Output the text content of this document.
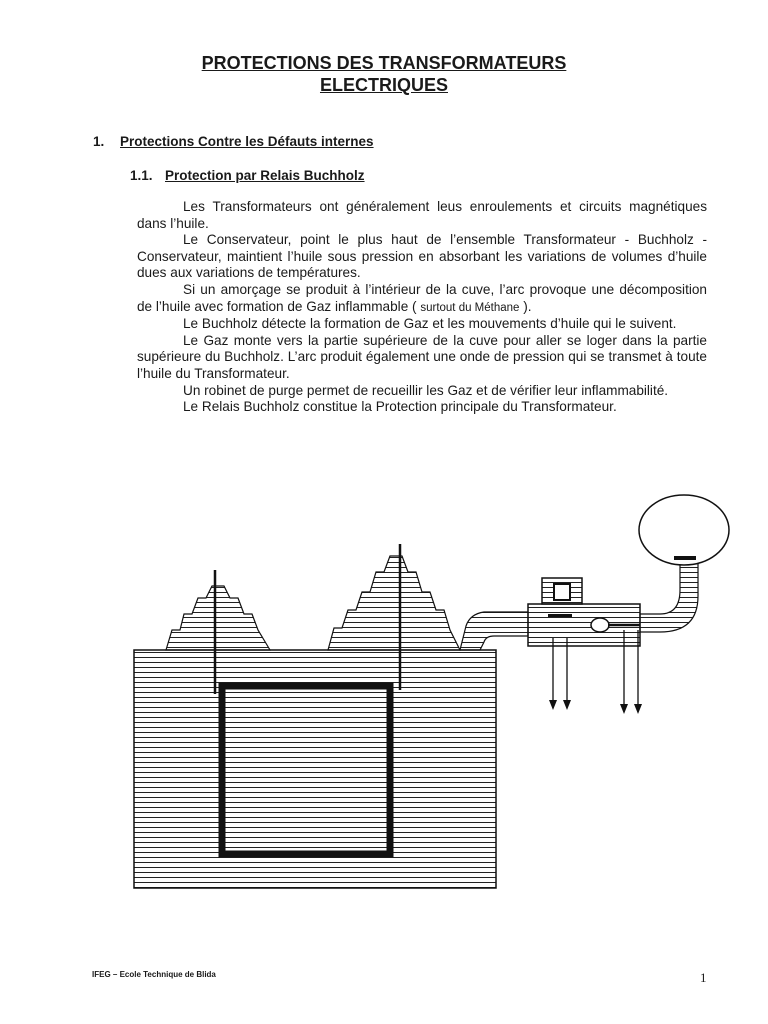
PROTECTIONS DES TRANSFORMATEURS
ELECTRIQUES
1. Protections Contre les Défauts internes
1.1. Protection par Relais Buchholz

Les Transformateurs ont généralement leus enroulements et circuits magnétiques dans l’huile.

Le Conservateur, point le plus haut de l’ensemble Transformateur - Buchholz - Conservateur, maintient l’huile sous pression en absorbant les variations de volumes d’huile dues aux variations de températures.

Si un amorçage se produit à l’intérieur de la cuve, l’arc provoque une décomposition de l’huile avec formation de Gaz inflammable ( surtout du Méthane ).

Le Buchholz détecte la formation de Gaz et les mouvements d’huile qui le suivent.

Le Gaz monte vers la partie supérieure de la cuve pour aller se loger dans la partie supérieure du Buchholz. L’arc produit également une onde de pression qui se transmet à toute l’huile du Transformateur.

Un robinet de purge permet de recueillir les Gaz et de vérifier leur inflammabilité.

Le Relais Buchholz constitue la Protection principale du Transformateur.

IFEG – Ecole Technique de Blida	1
